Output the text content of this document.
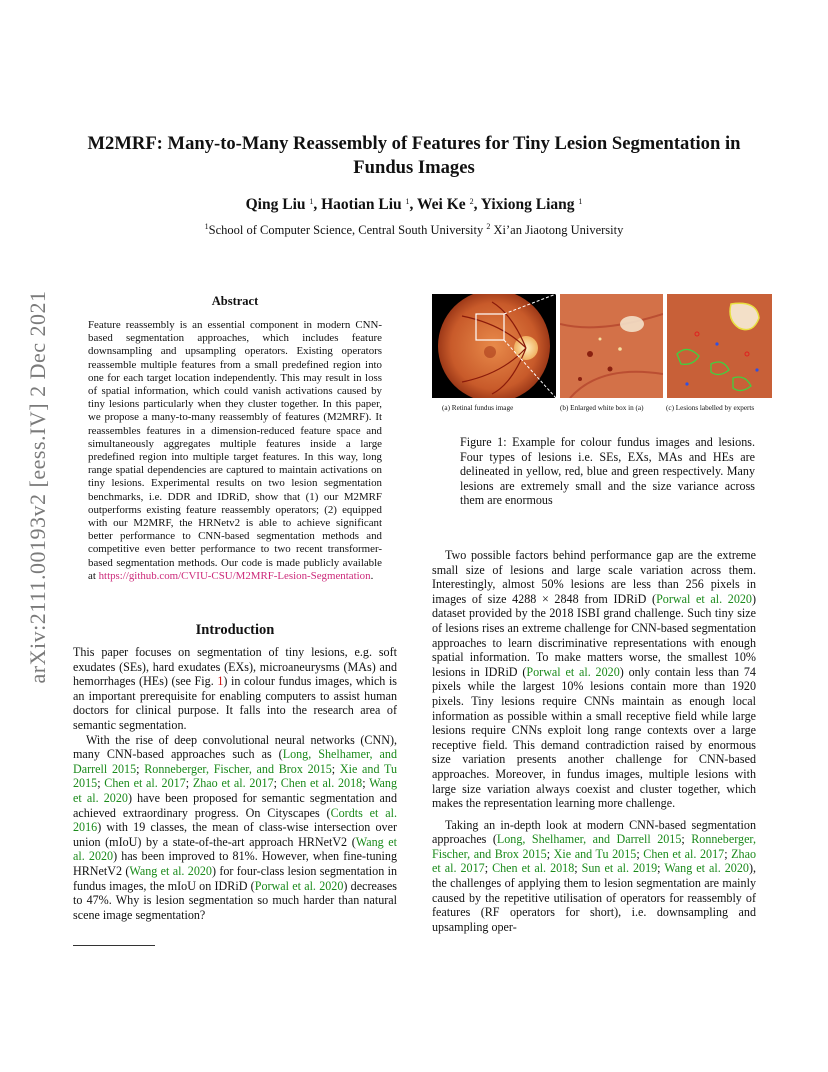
arXiv:2111.00193v2 [eess.IV] 2 Dec 2021
M2MRF: Many-to-Many Reassembly of Features for Tiny Lesion Segmentation in
Fundus Images
Qing Liu $^1$, Haotian Liu $^1$, Wei Ke $^2$, Yixiong Liang $^1$
$^1$School of Computer Science, Central South University $^2$ Xi’an Jiaotong University
Abstract

Feature reassembly is an essential component in modern CNN-based segmentation approaches, which includes feature downsampling and upsampling operators. Existing operators reassemble multiple features from a small predefined region into one for each target location independently. This may result in loss of spatial information, which could vanish activations caused by tiny lesions particularly when they cluster together. In this paper, we propose a many-to-many reassembly of features (M2MRF). It reassembles features in a dimension-reduced feature space and simultaneously aggregates multiple features inside a large predefined region into multiple target features. In this way, long range spatial dependencies are captured to maintain activations on tiny lesions. Experimental results on two lesion segmentation benchmarks, i.e. DDR and IDRiD, show that (1) our M2MRF outperforms existing feature reassembly operators; (2) equipped with our M2MRF, the HRNetv2 is able to achieve significant better performance to CNN-based segmentation methods and competitive even better performance to two recent transformer-based segmentation methods. Our code is made publicly available at https://github.com/CVIU-CSU/M2MRF-Lesion-Segmentation.

Introduction

This paper focuses on segmentation of tiny lesions, e.g. soft exudates (SEs), hard exudates (EXs), microaneurysms (MAs) and hemorrhages (HEs) (see Fig. 1) in colour fundus images, which is an important prerequisite for enabling computers to assist human doctors for clinical purpose. It falls into the research area of semantic segmentation.

With the rise of deep convolutional neural networks (CNN), many CNN-based approaches such as (Long, Shelhamer, and Darrell 2015; Ronneberger, Fischer, and Brox 2015; Xie and Tu 2015; Chen et al. 2017; Zhao et al. 2017; Chen et al. 2018; Wang et al. 2020) have been proposed for semantic segmentation and achieved extraordinary progress. On Cityscapes (Cordts et al. 2016) with 19 classes, the mean of class-wise intersection over union (mIoU) by a state-of-the-art approach HRNetV2 (Wang et al. 2020) has been improved to 81%. However, when fine-tuning HRNetV2 (Wang et al. 2020) for four-class lesion segmentation in fundus images, the mIoU on IDRiD (Porwal et al. 2020) decreases to 47%. Why is lesion segmentation so much harder than natural scene image segmentation?

(a) Retinal fundus image	(b) Enlarged white box in (a)	(c) Lesions labelled by experts

Figure 1: Example for colour fundus images and lesions. Four types of lesions i.e. SEs, EXs, MAs and HEs are delineated in yellow, red, blue and green respectively. Many lesions are extremely small and the size variance across them are enormous

Two possible factors behind performance gap are the extreme small size of lesions and large scale variation across them. Interestingly, almost 50% lesions are less than 256 pixels in images of size 4288 × 2848 from IDRiD (Porwal et al. 2020) dataset provided by the 2018 ISBI grand challenge. Such tiny size of lesions rises an extreme challenge for CNN-based segmentation approaches to learn discriminative representations with enough spatial information. To make matters worse, the smallest 10% lesions in IDRiD (Porwal et al. 2020) only contain less than 74 pixels while the largest 10% lesions contain more than 1920 pixels. Tiny lesions require CNNs maintain as enough local information as possible within a small receptive field while large lesions require CNNs exploit long range contexts over a large receptive field. This demand contradiction raised by enormous size variation presents another challenge for CNN-based approaches. Moreover, in fundus images, multiple lesions with large size variation always coexist and cluster together, which makes the representation learning more challenge.

Taking an in-depth look at modern CNN-based segmentation approaches (Long, Shelhamer, and Darrell 2015; Ronneberger, Fischer, and Brox 2015; Xie and Tu 2015; Chen et al. 2017; Zhao et al. 2017; Chen et al. 2018; Sun et al. 2019; Wang et al. 2020), the challenges of applying them to lesion segmentation are mainly caused by the repetitive utilisation of operators for reassembly of features (RF operators for short), i.e. downsampling and upsampling oper-
